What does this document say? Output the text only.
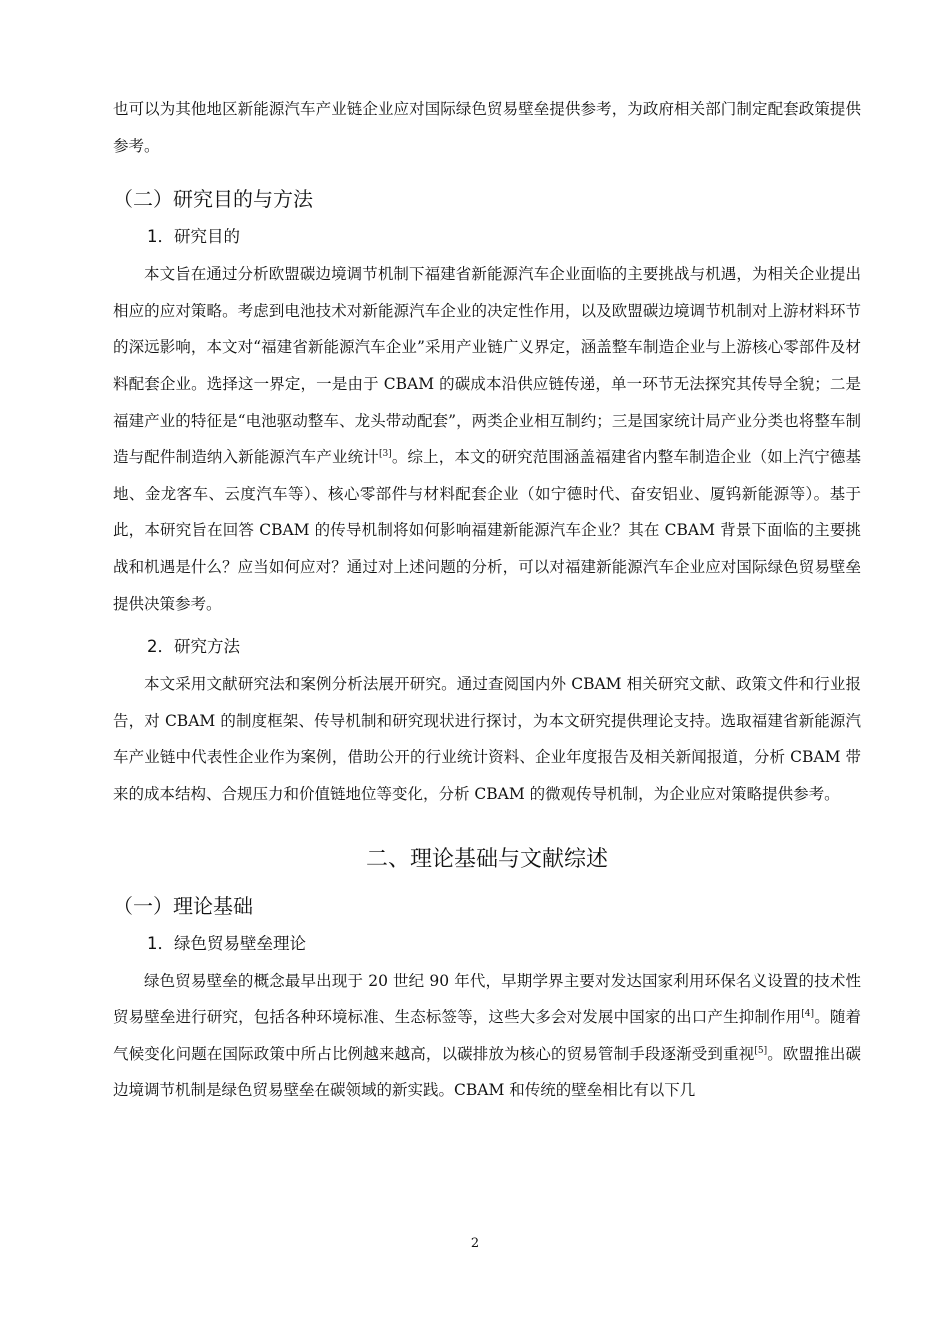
也可以为其他地区新能源汽车产业链企业应对国际绿色贸易壁垒提供参考，为政府相关部门制定配套政策提供参考。

（二）研究目的与方法
1．研究目的

本文旨在通过分析欧盟碳边境调节机制下福建省新能源汽车企业面临的主要挑战与机遇，为相关企业提出相应的应对策略。考虑到电池技术对新能源汽车企业的决定性作用，以及欧盟碳边境调节机制对上游材料环节的深远影响，本文对“福建省新能源汽车企业”采用产业链广义界定，涵盖整车制造企业与上游核心零部件及材料配套企业。选择这一界定，一是由于 CBAM 的碳成本沿供应链传递，单一环节无法探究其传导全貌；二是福建产业的特征是“电池驱动整车、龙头带动配套”，两类企业相互制约；三是国家统计局产业分类也将整车制造与配件制造纳入新能源汽车产业统计[3]。综上，本文的研究范围涵盖福建省内整车制造企业（如上汽宁德基地、金龙客车、云度汽车等）、核心零部件与材料配套企业（如宁德时代、奋安铝业、厦钨新能源等）。基于此，本研究旨在回答 CBAM 的传导机制将如何影响福建新能源汽车企业？其在 CBAM 背景下面临的主要挑战和机遇是什么？应当如何应对？通过对上述问题的分析，可以对福建新能源汽车企业应对国际绿色贸易壁垒提供决策参考。

2．研究方法

本文采用文献研究法和案例分析法展开研究。通过查阅国内外 CBAM 相关研究文献、政策文件和行业报告，对 CBAM 的制度框架、传导机制和研究现状进行探讨，为本文研究提供理论支持。选取福建省新能源汽车产业链中代表性企业作为案例，借助公开的行业统计资料、企业年度报告及相关新闻报道，分析 CBAM 带来的成本结构、合规压力和价值链地位等变化，分析 CBAM 的微观传导机制，为企业应对策略提供参考。

二、理论基础与文献综述
（一）理论基础
1．绿色贸易壁垒理论

绿色贸易壁垒的概念最早出现于 20 世纪 90 年代，早期学界主要对发达国家利用环保名义设置的技术性贸易壁垒进行研究，包括各种环境标准、生态标签等，这些大多会对发展中国家的出口产生抑制作用[4]。随着气候变化问题在国际政策中所占比例越来越高，以碳排放为核心的贸易管制手段逐渐受到重视[5]。欧盟推出碳边境调节机制是绿色贸易壁垒在碳领域的新实践。CBAM 和传统的壁垒相比有以下几

2
